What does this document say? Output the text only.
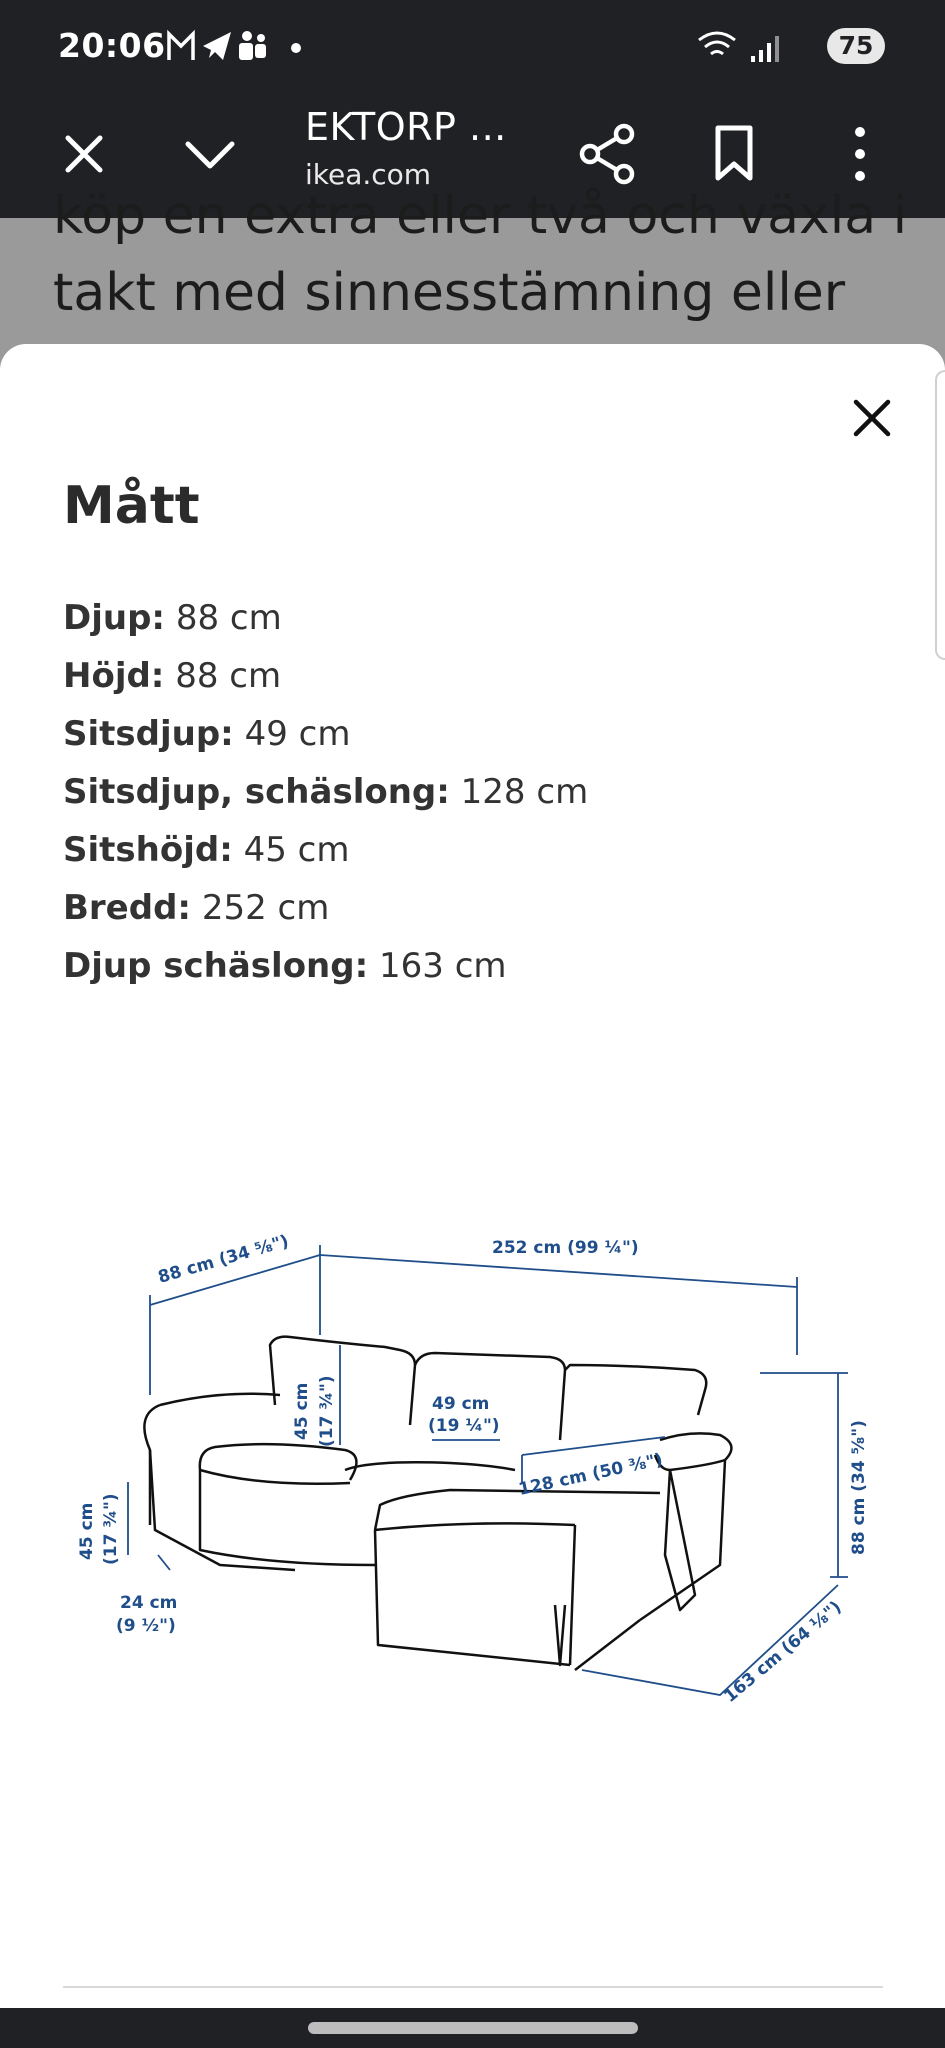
20:06	75
EKTORP ...
ikea.com
köp en extra eller två och växla i
takt med sinnesstämning eller
Mått
Djup: 88 cm
Höjd: 88 cm
Sitsdjup: 49 cm
Sitsdjup, schäslong: 128 cm
Sitshöjd: 45 cm
Bredd: 252 cm
Djup schäslong: 163 cm
88 cm (34 ⅝")	252 cm (99 ¼")
45 cm (17 ¾")	49 cm
(19 ¼")
128 cm (50 ⅜")
45 cm (17 ¾")
24 cm
(9 ½")
88 cm (34 ⅝")
163 cm (64 ⅛")
